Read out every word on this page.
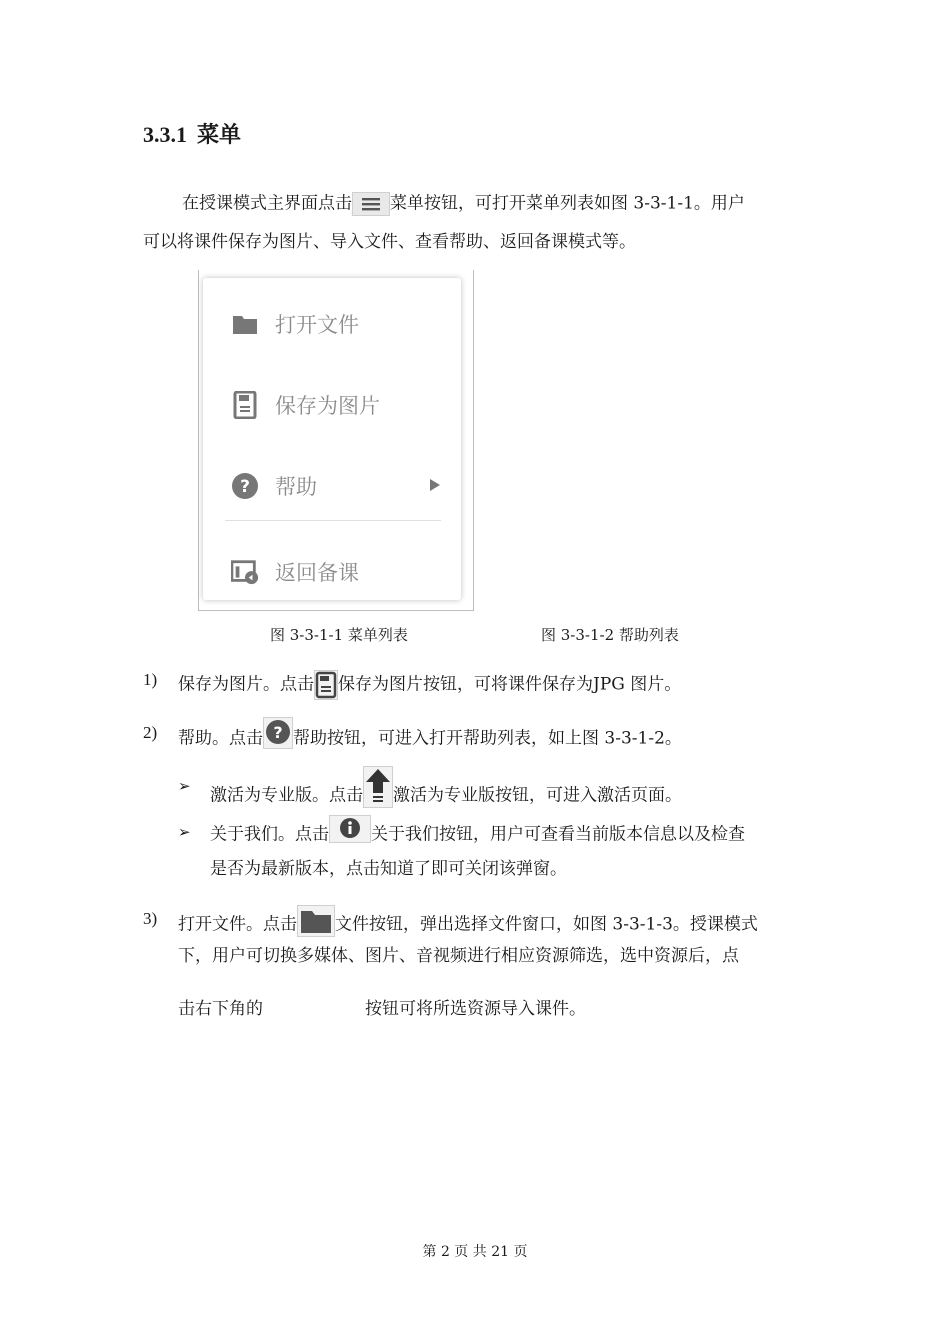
3.3.1 菜单
在授课模式主界面点击 菜单按钮，可打开菜单列表如图 3-3-1-1。用户
可以将课件保存为图片、导入文件、查看帮助、返回备课模式等。
打开文件
保存为图片
? 帮助
返回备课
图 3-3-1-1 菜单列表	图 3-3-1-2 帮助列表
1) 保存为图片。点击 保存为图片按钮，可将课件保存为JPG 图片。
2) 帮助。点击 ? 帮助按钮，可进入打开帮助列表，如上图 3-3-1-2。
➢ 激活为专业版。点击 激活为专业版按钮，可进入激活页面。
➢ 关于我们。点击 关于我们按钮，用户可查看当前版本信息以及检查
是否为最新版本，点击知道了即可关闭该弹窗。
3) 打开文件。点击 文件按钮，弹出选择文件窗口，如图 3-3-1-3。授课模式
下，用户可切换多媒体、图片、音视频进行相应资源筛选，选中资源后，点
击右下角的	按钮可将所选资源导入课件。
第 2 页 共 21 页
